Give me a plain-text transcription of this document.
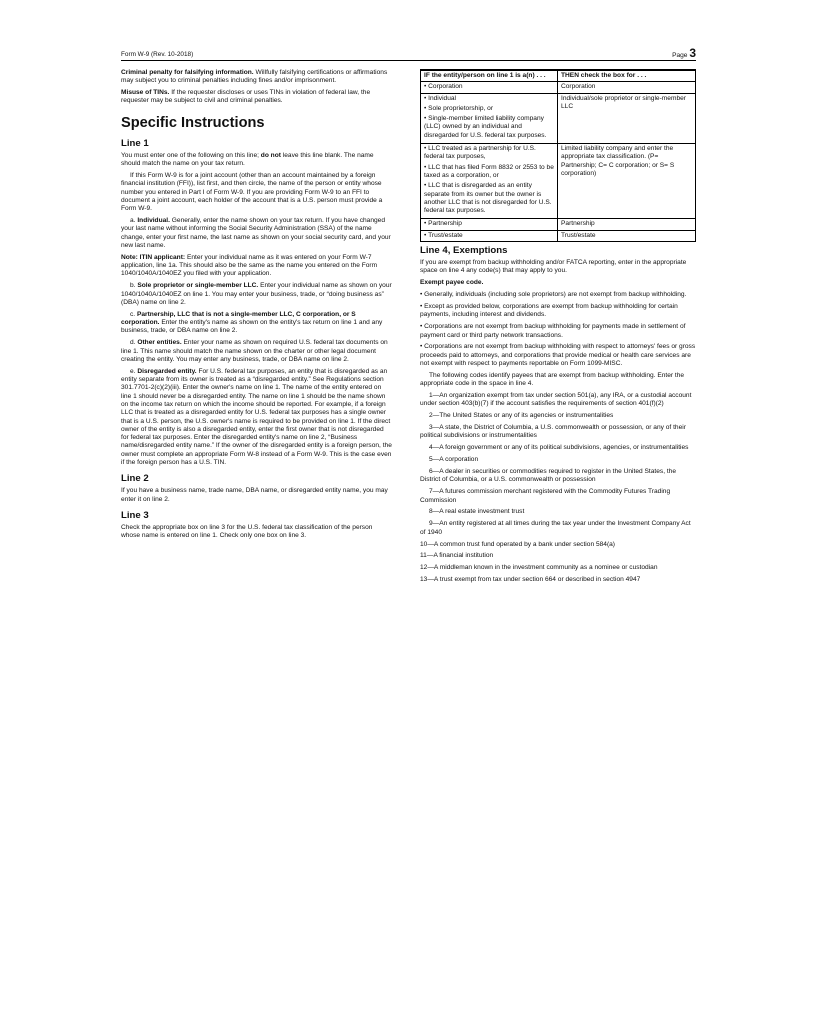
Form W-9 (Rev. 10-2018)	Page 3

Criminal penalty for falsifying information. Willfully falsifying certifications or affirmations may subject you to criminal penalties including fines and/or imprisonment.

Misuse of TINs. If the requester discloses or uses TINs in violation of federal law, the requester may be subject to civil and criminal penalties.

Specific Instructions
Line 1

You must enter one of the following on this line; do not leave this line blank. The name should match the name on your tax return.

If this Form W-9 is for a joint account (other than an account maintained by a foreign financial institution (FFI)), list first, and then circle, the name of the person or entity whose number you entered in Part I of Form W-9. If you are providing Form W-9 to an FFI to document a joint account, each holder of the account that is a U.S. person must provide a Form W-9.

a. Individual. Generally, enter the name shown on your tax return. If you have changed your last name without informing the Social Security Administration (SSA) of the name change, enter your first name, the last name as shown on your social security card, and your new last name.

Note: ITIN applicant: Enter your individual name as it was entered on your Form W-7 application, line 1a. This should also be the same as the name you entered on the Form 1040/1040A/1040EZ you filed with your application.

b. Sole proprietor or single-member LLC. Enter your individual name as shown on your 1040/1040A/1040EZ on line 1. You may enter your business, trade, or “doing business as” (DBA) name on line 2.

c. Partnership, LLC that is not a single-member LLC, C corporation, or S corporation. Enter the entity's name as shown on the entity's tax return on line 1 and any business, trade, or DBA name on line 2.

d. Other entities. Enter your name as shown on required U.S. federal tax documents on line 1. This name should match the name shown on the charter or other legal document creating the entity. You may enter any business, trade, or DBA name on line 2.

e. Disregarded entity. For U.S. federal tax purposes, an entity that is disregarded as an entity separate from its owner is treated as a “disregarded entity.” See Regulations section 301.7701-2(c)(2)(iii). Enter the owner's name on line 1. The name of the entity entered on line 1 should never be a disregarded entity. The name on line 1 should be the name shown on the income tax return on which the income should be reported. For example, if a foreign LLC that is treated as a disregarded entity for U.S. federal tax purposes has a single owner that is a U.S. person, the U.S. owner's name is required to be provided on line 1. If the direct owner of the entity is also a disregarded entity, enter the first owner that is not disregarded for federal tax purposes. Enter the disregarded entity's name on line 2, “Business name/disregarded entity name.” If the owner of the disregarded entity is a foreign person, the owner must complete an appropriate Form W-8 instead of a Form W-9. This is the case even if the foreign person has a U.S. TIN.

Line 2

If you have a business name, trade name, DBA name, or disregarded entity name, you may enter it on line 2.

Line 3

Check the appropriate box on line 3 for the U.S. federal tax classification of the person whose name is entered on line 1. Check only one box on line 3.

IF the entity/person on line 1 is a(n) . . .	THEN check the box for . . .
• Corporation	Corporation

• Individual
• Sole proprietorship, or
• Single-member limited liability company (LLC) owned by an individual and disregarded for U.S. federal tax purposes.	Individual/sole proprietor or single-member LLC

• LLC treated as a partnership for U.S. federal tax purposes,
• LLC that has filed Form 8832 or 2553 to be taxed as a corporation, or
• LLC that is disregarded as an entity separate from its owner but the owner is another LLC that is not disregarded for U.S. federal tax purposes.	Limited liability company and enter the appropriate tax classification. (P= Partnership; C= C corporation; or S= S corporation)
• Partnership	Partnership
• Trust/estate	Trust/estate
Line 4, Exemptions

If you are exempt from backup withholding and/or FATCA reporting, enter in the appropriate space on line 4 any code(s) that may apply to you.

Exempt payee code.

• Generally, individuals (including sole proprietors) are not exempt from backup withholding.

• Except as provided below, corporations are exempt from backup withholding for certain payments, including interest and dividends.

• Corporations are not exempt from backup withholding for payments made in settlement of payment card or third party network transactions.

• Corporations are not exempt from backup withholding with respect to attorneys' fees or gross proceeds paid to attorneys, and corporations that provide medical or health care services are not exempt with respect to payments reportable on Form 1099-MISC.

The following codes identify payees that are exempt from backup withholding. Enter the appropriate code in the space in line 4.

1—An organization exempt from tax under section 501(a), any IRA, or a custodial account under section 403(b)(7) if the account satisfies the requirements of section 401(f)(2)

2—The United States or any of its agencies or instrumentalities

3—A state, the District of Columbia, a U.S. commonwealth or possession, or any of their political subdivisions or instrumentalities

4—A foreign government or any of its political subdivisions, agencies, or instrumentalities

5—A corporation

6—A dealer in securities or commodities required to register in the United States, the District of Columbia, or a U.S. commonwealth or possession

7—A futures commission merchant registered with the Commodity Futures Trading Commission

8—A real estate investment trust

9—An entity registered at all times during the tax year under the Investment Company Act of 1940

10—A common trust fund operated by a bank under section 584(a)

11—A financial institution

12—A middleman known in the investment community as a nominee or custodian

13—A trust exempt from tax under section 664 or described in section 4947
